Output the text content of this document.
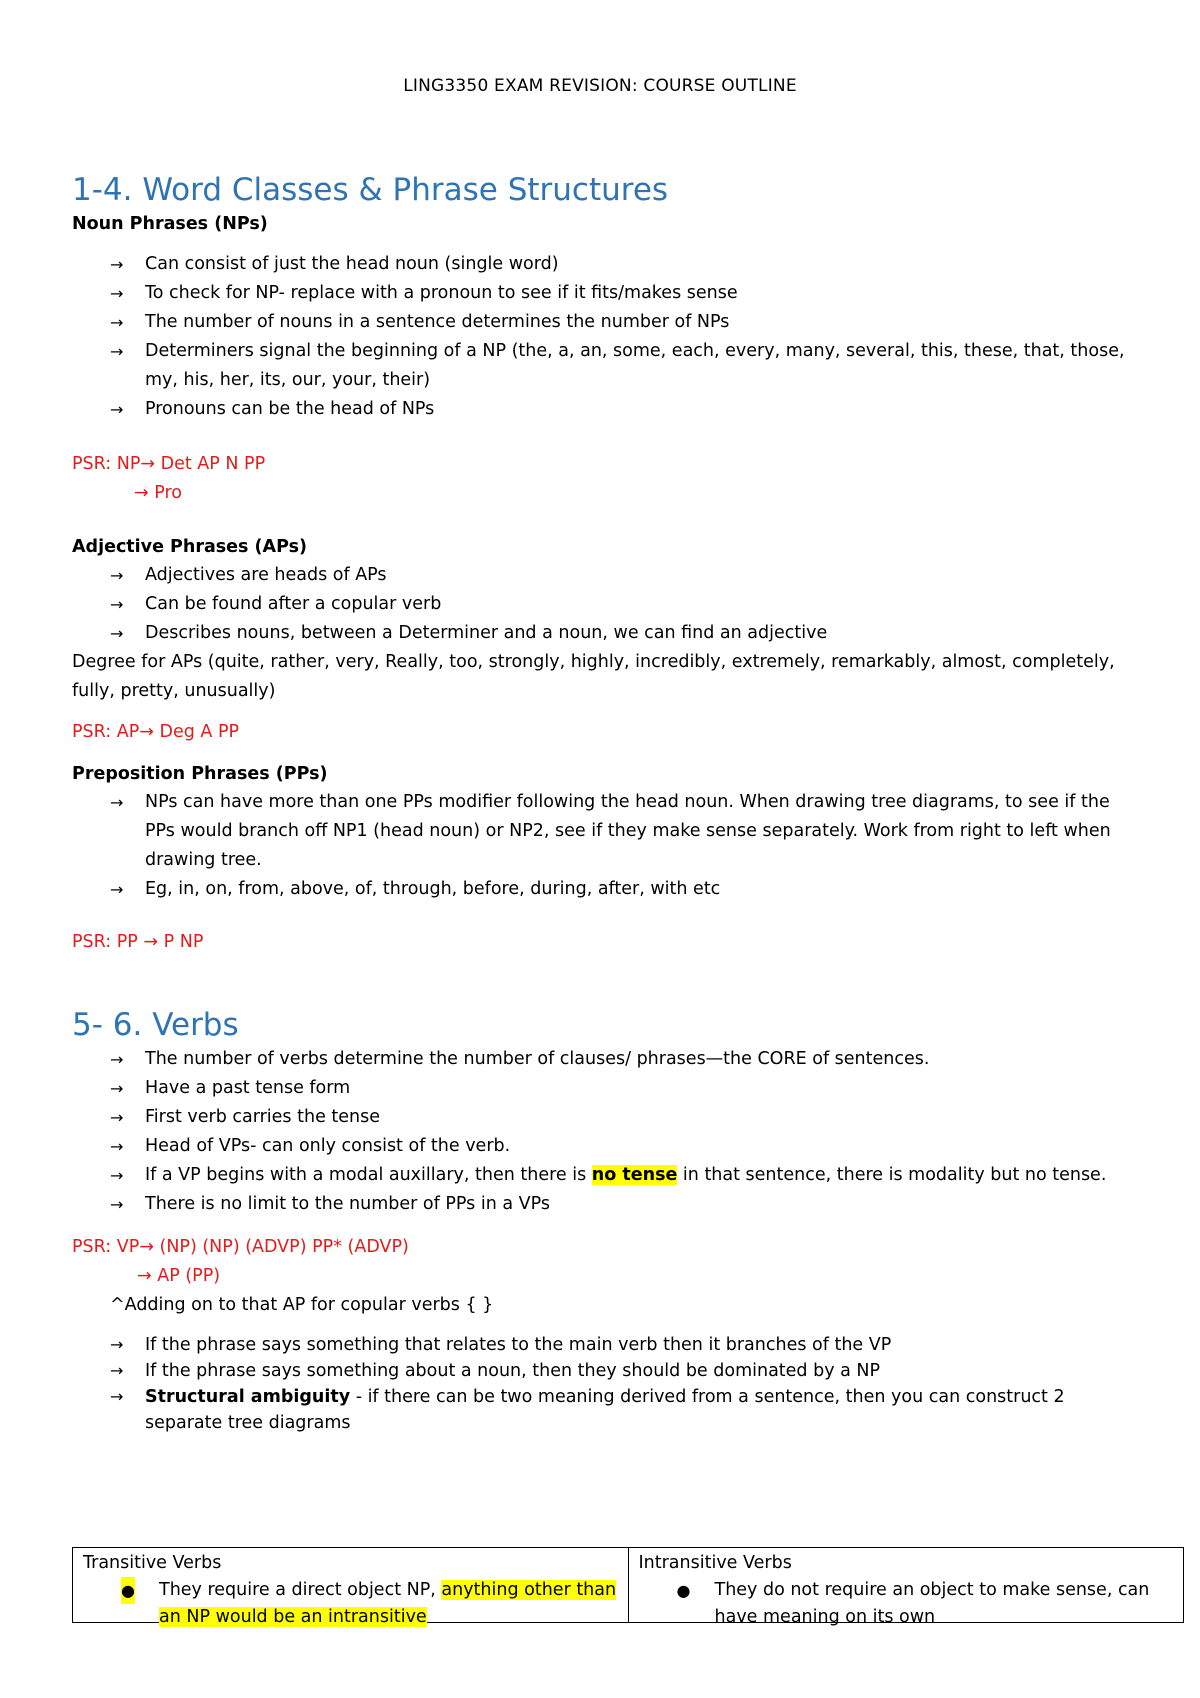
LING3350 EXAM REVISION: COURSE OUTLINE
1-4. Word Classes & Phrase Structures

Noun Phrases (NPs)

→ Can consist of just the head noun (single word)
→ To check for NP- replace with a pronoun to see if it fits/makes sense
→ The number of nouns in a sentence determines the number of NPs
→ Determiners signal the beginning of a NP (the, a, an, some, each, every, many, several, this, these, that, those, my, his, her, its, our, your, their)
→ Pronouns can be the head of NPs

PSR: NP→ Det AP N PP

→ Pro

Adjective Phrases (APs)

→ Adjectives are heads of APs
→ Can be found after a copular verb
→ Describes nouns, between a Determiner and a noun, we can find an adjective

Degree for APs (quite, rather, very, Really, too, strongly, highly, incredibly, extremely, remarkably, almost, completely, fully, pretty, unusually)

PSR: AP→ Deg A PP

Preposition Phrases (PPs)

→ NPs can have more than one PPs modifier following the head noun. When drawing tree diagrams, to see if the PPs would branch off NP1 (head noun) or NP2, see if they make sense separately. Work from right to left when drawing tree.
→ Eg, in, on, from, above, of, through, before, during, after, with etc

PSR: PP → P NP

5- 6. Verbs
→ The number of verbs determine the number of clauses/ phrases—the CORE of sentences.
→ Have a past tense form
→ First verb carries the tense
→ Head of VPs- can only consist of the verb.
→ If a VP begins with a modal auxillary, then there is no tense in that sentence, there is modality but no tense.
→ There is no limit to the number of PPs in a VPs

PSR: VP→ (NP) (NP) (ADVP) PP* (ADVP)

→ AP (PP)

^Adding on to that AP for copular verbs { }

→ If the phrase says something that relates to the main verb then it branches of the VP
→ If the phrase says something about a noun, then they should be dominated by a NP
→ Structural ambiguity - if there can be two meaning derived from a sentence, then you can construct 2 separate tree diagrams
Transitive Verbs
● They require a direct object NP, anything other than an NP would be an intransitive
Intransitive Verbs
● They do not require an object to make sense, can have meaning on its own
